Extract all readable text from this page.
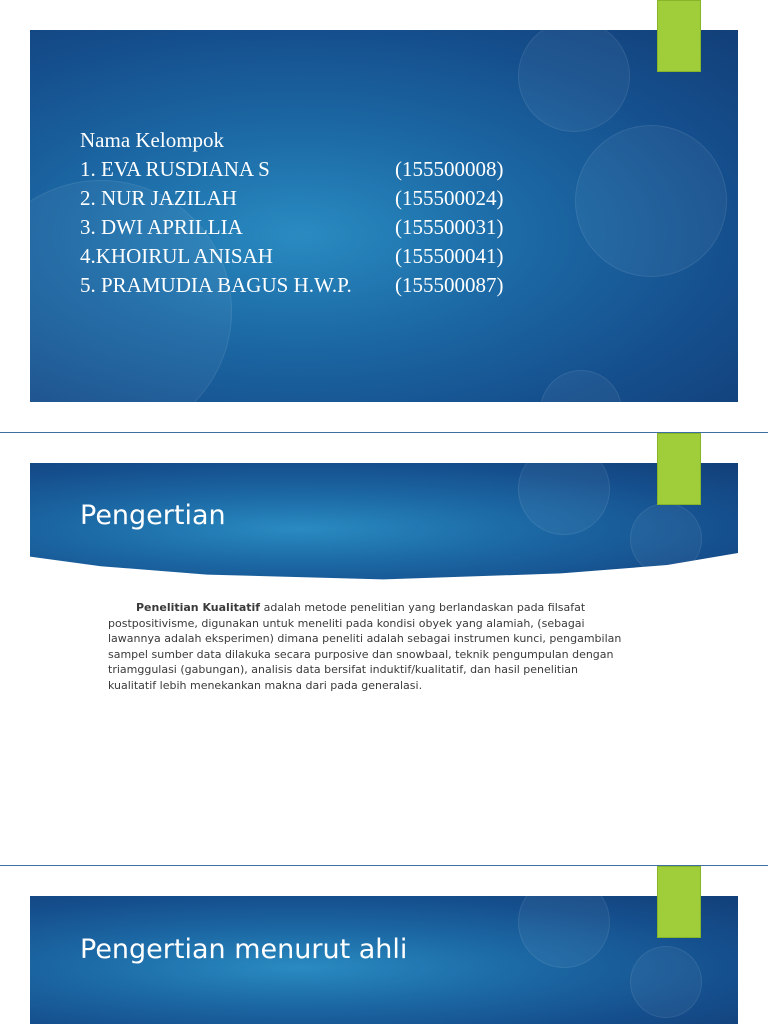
Nama Kelompok
1. EVA RUSDIANA S	(155500008)
2. NUR JAZILAH	(155500024)
3. DWI APRILLIA	(155500031)
4.KHOIRUL ANISAH	(155500041)
5. PRAMUDIA BAGUS H.W.P.	(155500087)
Pengertian

Penelitian Kualitatif adalah metode penelitian yang berlandaskan pada filsafat postpositivisme, digunakan untuk meneliti pada kondisi obyek yang alamiah, (sebagai lawannya adalah eksperimen) dimana peneliti adalah sebagai instrumen kunci, pengambilan sampel sumber data dilakuka secara purposive dan snowbaal, teknik pengumpulan dengan triamggulasi (gabungan), analisis data bersifat induktif/kualitatif, dan hasil penelitian kualitatif lebih menekankan makna dari pada generalasi.

Pengertian menurut ahli
